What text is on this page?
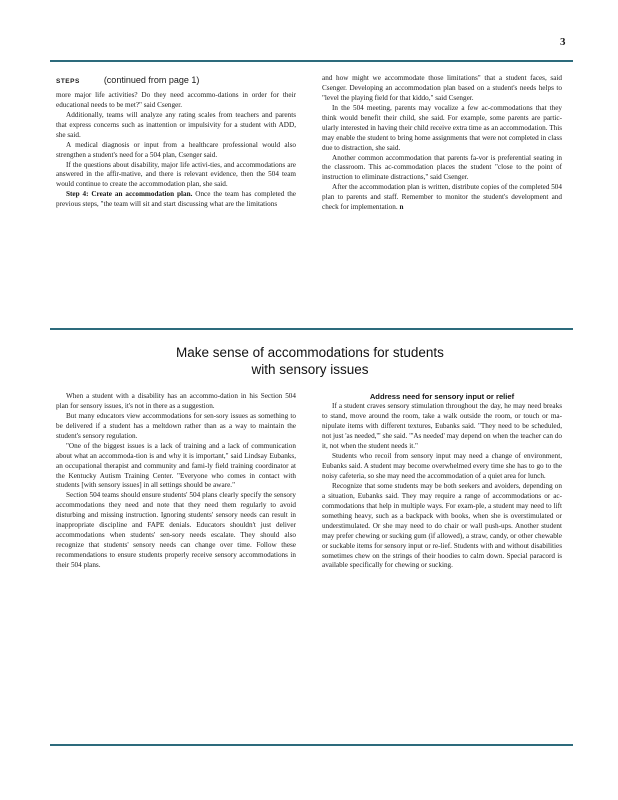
3

STEPS	(continued from page 1)

more major life activities? Do they need accommo-dations in order for their educational needs to be met?" said Csenger.

Additionally, teams will analyze any rating scales from teachers and parents that express concerns such as inattention or impulsivity for a student with ADD, she said.

A medical diagnosis or input from a healthcare professional would also strengthen a student's need for a 504 plan, Csenger said.

If the questions about disability, major life activi-ties, and accommodations are answered in the affir-mative, and there is relevant evidence, then the 504 team would continue to create the accommodation plan, she said.

Step 4: Create an accommodation plan. Once the team has completed the previous steps, "the team will sit and start discussing what are the limitations

and how might we accommodate those limitations" that a student faces, said Csenger. Developing an accommodation plan based on a student's needs helps to "level the playing field for that kiddo," said Csenger.

In the 504 meeting, parents may vocalize a few ac-commodations that they think would benefit their child, she said. For example, some parents are partic-ularly interested in having their child receive extra time as an accommodation. This may enable the student to bring home assignments that were not completed in class due to distraction, she said.

Another common accommodation that parents fa-vor is preferential seating in the classroom. This ac-commodation places the student "close to the point of instruction to eliminate distractions," said Csenger.

After the accommodation plan is written, distribute copies of the completed 504 plan to parents and staff. Remember to monitor the student's development and check for implementation. n

Make sense of accommodations for students
with sensory issues

When a student with a disability has an accommo-dation in his Section 504 plan for sensory issues, it's not in there as a suggestion.

But many educators view accommodations for sen-sory issues as something to be delivered if a student has a meltdown rather than as a way to maintain the student's sensory regulation.

"One of the biggest issues is a lack of training and a lack of communication about what an accommoda-tion is and why it is important," said Lindsay Eubanks, an occupational therapist and community and fami-ly field training coordinator at the Kentucky Autism Training Center. "Everyone who comes in contact with students [with sensory issues] in all settings should be aware."

Section 504 teams should ensure students' 504 plans clearly specify the sensory accommodations they need and note that they need them regularly to avoid disturbing and missing instruction. Ignoring students' sensory needs can result in inappropriate discipline and FAPE denials. Educators shouldn't just deliver accommodations when students' sen-sory needs escalate. They should also recognize that students' sensory needs can change over time. Follow these recommendations to ensure students properly receive sensory accommodations in their 504 plans.

Address need for sensory input or relief

If a student craves sensory stimulation throughout the day, he may need breaks to stand, move around the room, take a walk outside the room, or touch or ma-nipulate items with different textures, Eubanks said. "They need to be scheduled, not just 'as needed,'" she said. "'As needed' may depend on when the teacher can do it, not when the student needs it."

Students who recoil from sensory input may need a change of environment, Eubanks said. A student may become overwhelmed every time she has to go to the noisy cafeteria, so she may need the accommodation of a quiet area for lunch.

Recognize that some students may be both seekers and avoiders, depending on a situation, Eubanks said. They may require a range of accommodations or ac-commodations that help in multiple ways. For exam-ple, a student may need to lift something heavy, such as a backpack with books, when she is overstimulated or understimulated. Or she may need to do chair or wall push-ups. Another student may prefer chewing or sucking gum (if allowed), a straw, candy, or other chewable or suckable items for sensory input or re-lief. Students with and without disabilities sometimes chew on the strings of their hoodies to calm down. Special paracord is available specifically for chewing or sucking.
